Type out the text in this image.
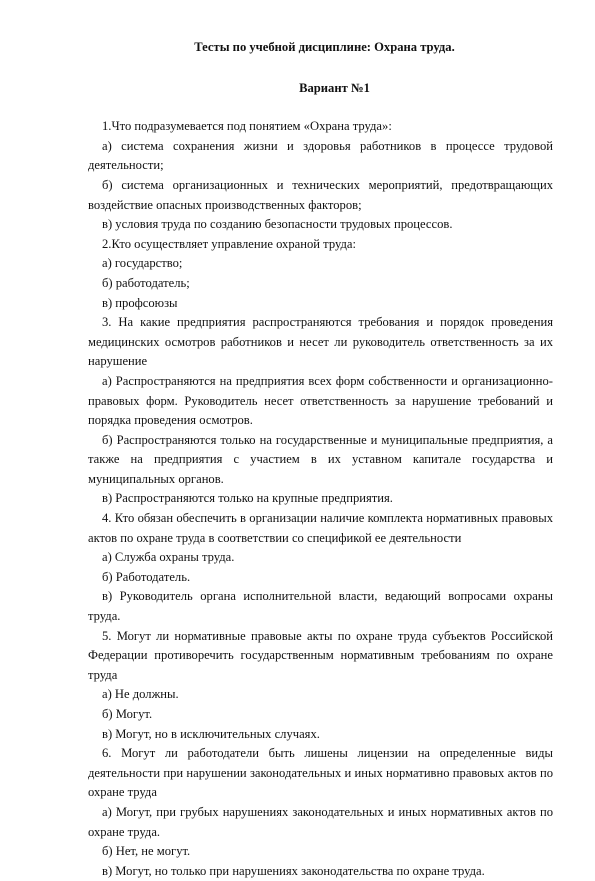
Тесты по учебной дисциплине: Охрана труда.

Вариант №1

1.Что подразумевается под понятием «Охрана труда»:

а) система сохранения жизни и здоровья работников в процессе трудовой деятельности;

б) система организационных и технических мероприятий, предотвращающих воздействие опасных производственных факторов;

в) условия труда по созданию безопасности трудовых процессов.

2.Кто осуществляет управление охраной труда:

а) государство;

б) работодатель;

в) профсоюзы

3. На какие предприятия распространяются требования и порядок проведения медицинских осмотров работников и несет ли руководитель ответственность за их нарушение

а) Распространяются на предприятия всех форм собственности и организационно-правовых форм. Руководитель несет ответственность за нарушение требований и порядка проведения осмотров.

б) Распространяются только на государственные и муниципальные предприятия, а также на предприятия с участием в их уставном капитале государства и муниципальных органов.

в) Распространяются только на крупные предприятия.

4. Кто обязан обеспечить в организации наличие комплекта нормативных правовых актов по охране труда в соответствии со спецификой ее деятельности

а) Служба охраны труда.

б) Работодатель.

в) Руководитель органа исполнительной власти, ведающий вопросами охраны труда.

5. Могут ли нормативные правовые акты по охране труда субъектов Российской Федерации противоречить государственным нормативным требованиям по охране труда

а) Не должны.

б) Могут.

в) Могут, но в исключительных случаях.

6. Могут ли работодатели быть лишены лицензии на определенные виды деятельности при нарушении законодательных и иных нормативно правовых актов по охране труда

а) Могут, при грубых нарушениях законодательных и иных нормативных актов по охране труда.

б) Нет, не могут.

в) Могут, но только при нарушениях законодательства по охране труда.
